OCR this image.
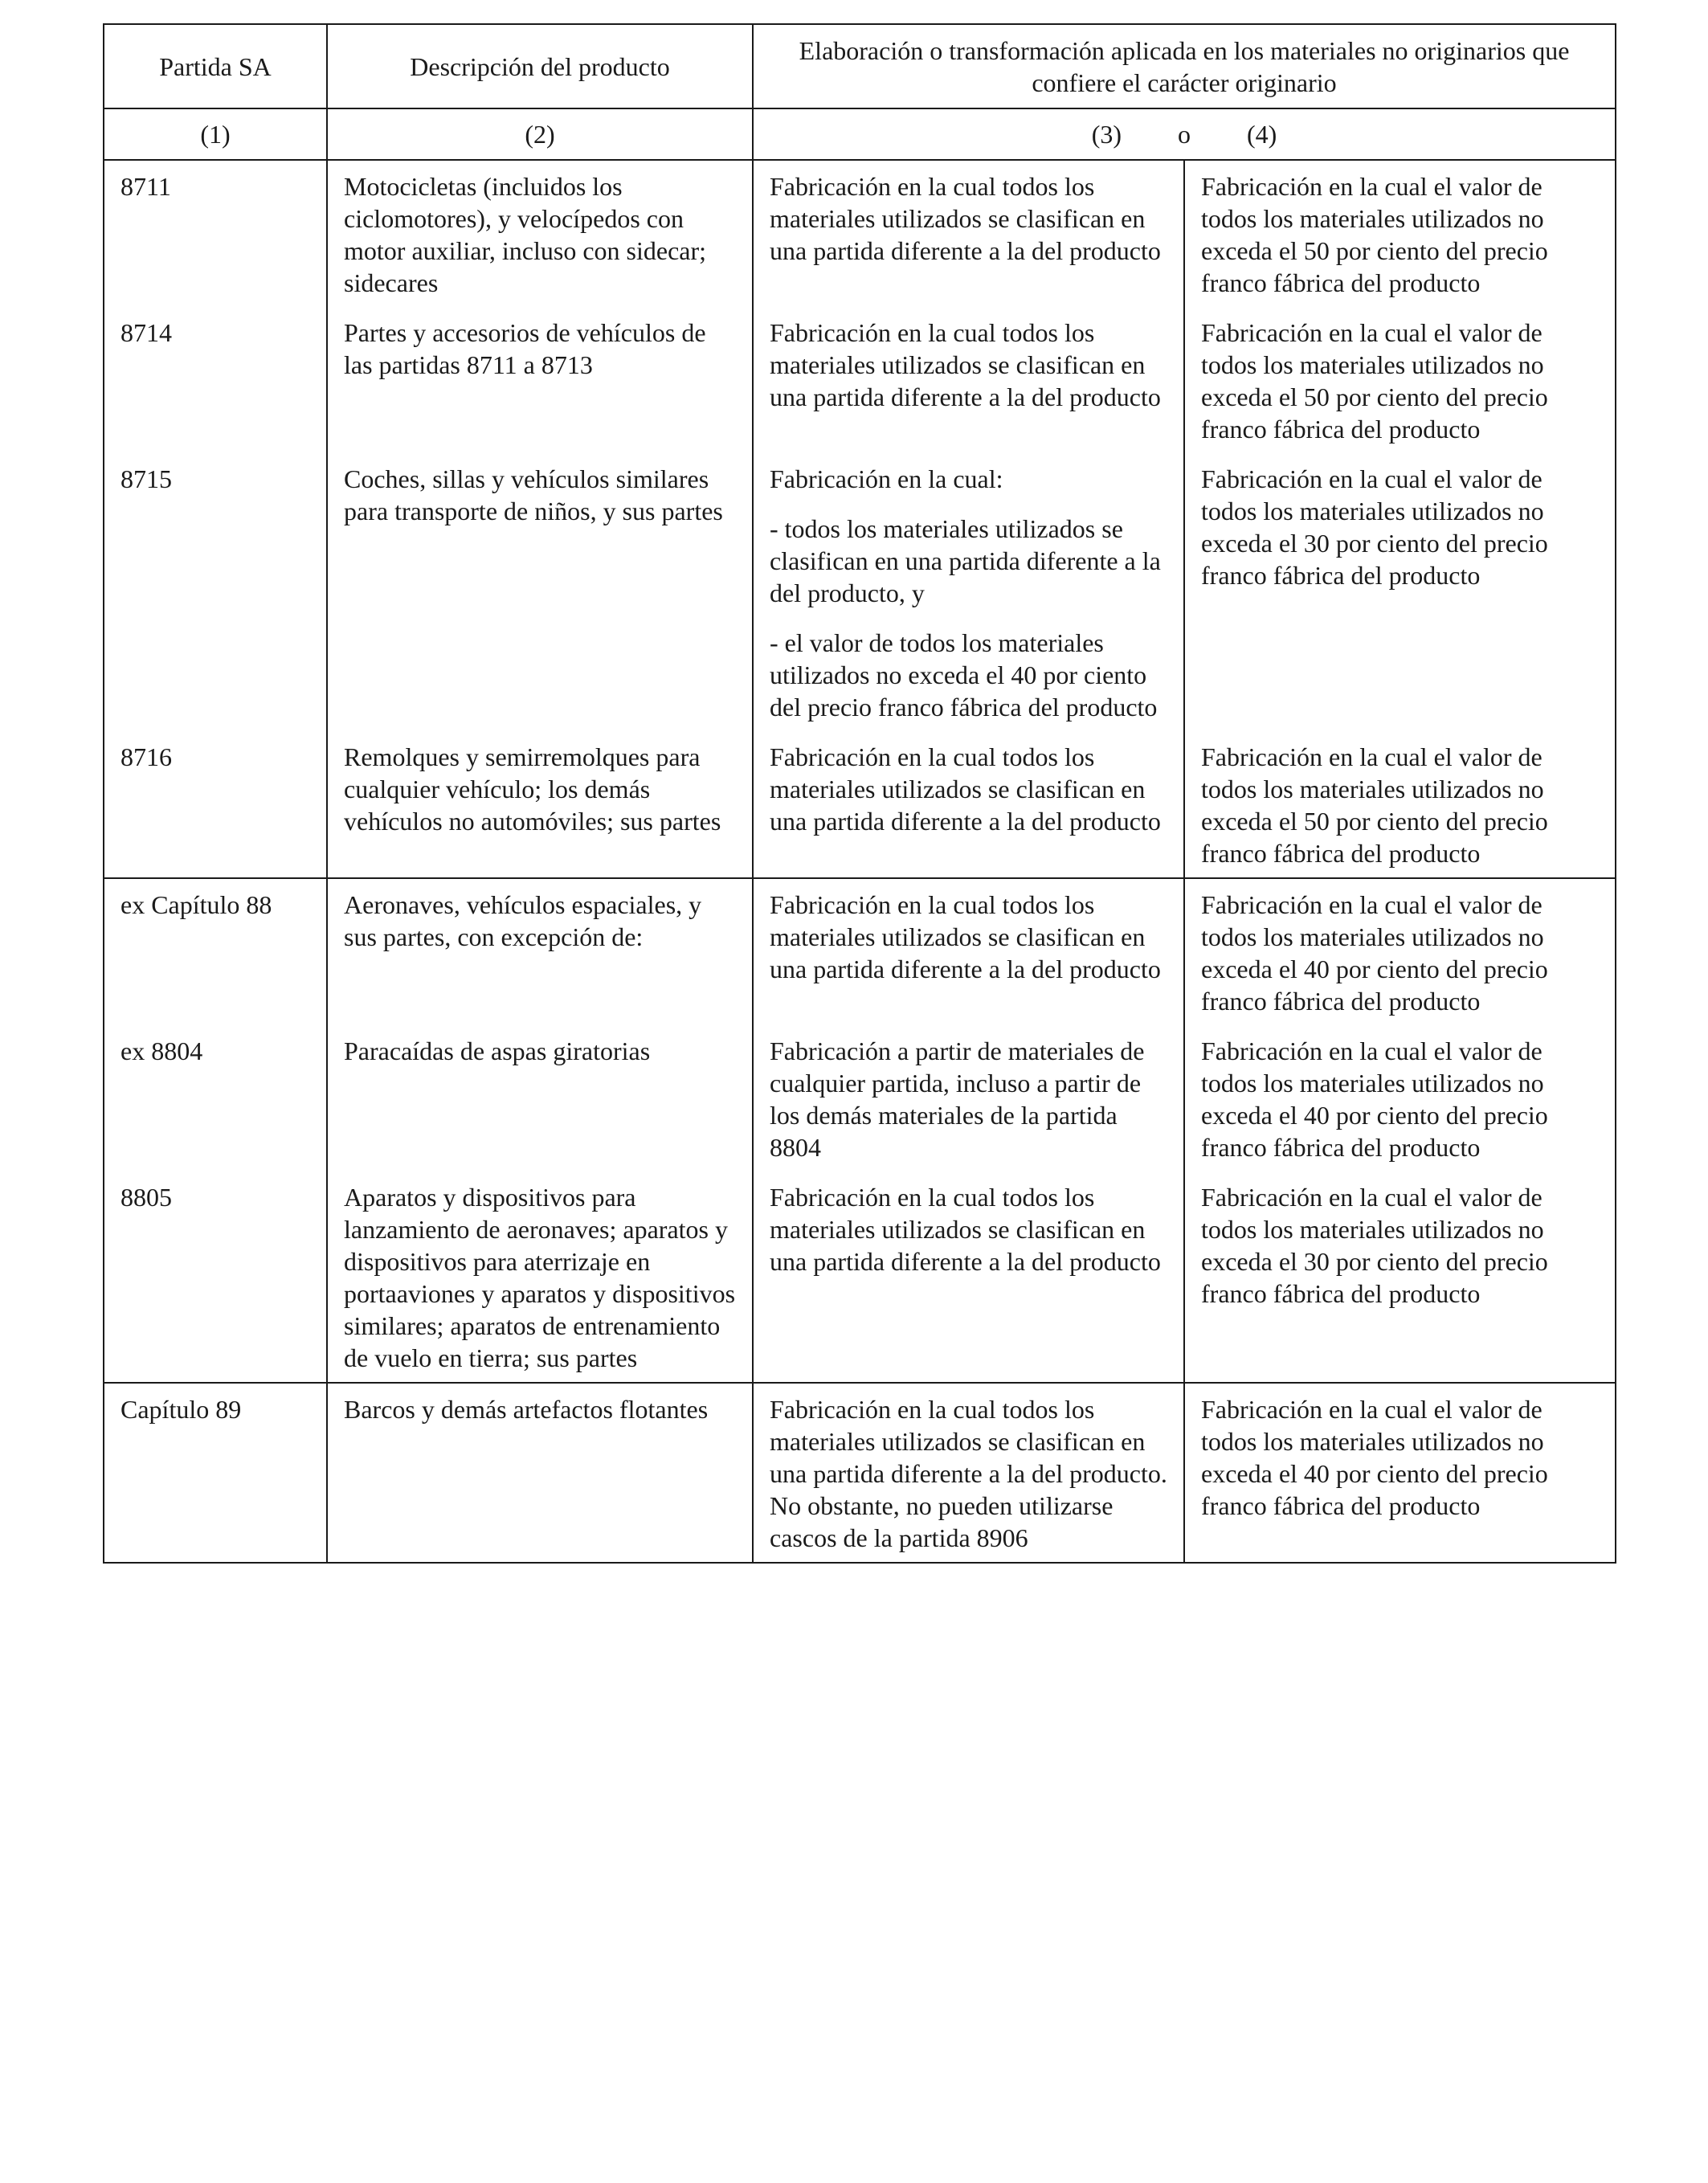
Partida SA	Descripción del producto	Elaboración o transformación aplicada en los materiales no originarios que confiere el carácter originario	
(1)	(2)	(3) o (4)	
8711	Motocicletas (incluidos los ciclomotores), y velocípedos con motor auxiliar, incluso con sidecar; sidecares	Fabricación en la cual todos los materiales utilizados se clasifican en una partida diferente a la del producto	Fabricación en la cual el valor de todos los materiales utilizados no exceda el 50 por ciento del precio franco fábrica del producto
8714	Partes y accesorios de vehículos de las partidas 8711 a 8713	Fabricación en la cual todos los materiales utilizados se clasifican en una partida diferente a la del producto	Fabricación en la cual el valor de todos los materiales utilizados no exceda el 50 por ciento del precio franco fábrica del producto
8715	Coches, sillas y vehículos similares para transporte de niños, y sus partes	Fabricación en la cual:

- todos los materiales utilizados se clasifican en una partida diferente a la del producto, y

- el valor de todos los materiales utilizados no exceda el 40 por ciento del precio franco fábrica del producto	Fabricación en la cual el valor de todos los materiales utilizados no exceda el 30 por ciento del precio franco fábrica del producto
8716	Remolques y semirremolques para cualquier vehículo; los demás vehículos no automóviles; sus partes	Fabricación en la cual todos los materiales utilizados se clasifican en una partida diferente a la del producto	Fabricación en la cual el valor de todos los materiales utilizados no exceda el 50 por ciento del precio franco fábrica del producto
ex Capítulo 88	Aeronaves, vehículos espaciales, y sus partes, con excepción de:	Fabricación en la cual todos los materiales utilizados se clasifican en una partida diferente a la del producto	Fabricación en la cual el valor de todos los materiales utilizados no exceda el 40 por ciento del precio franco fábrica del producto
ex 8804	Paracaídas de aspas giratorias	Fabricación a partir de materiales de cualquier partida, incluso a partir de los demás materiales de la partida 8804	Fabricación en la cual el valor de todos los materiales utilizados no exceda el 40 por ciento del precio franco fábrica del producto
8805	Aparatos y dispositivos para lanzamiento de aeronaves; aparatos y dispositivos para aterrizaje en portaaviones y aparatos y dispositivos similares; aparatos de entrenamiento de vuelo en tierra; sus partes	Fabricación en la cual todos los materiales utilizados se clasifican en una partida diferente a la del producto	Fabricación en la cual el valor de todos los materiales utilizados no exceda el 30 por ciento del precio franco fábrica del producto
Capítulo 89	Barcos y demás artefactos flotantes	Fabricación en la cual todos los materiales utilizados se clasifican en una partida diferente a la del producto. No obstante, no pueden utilizarse cascos de la partida 8906	Fabricación en la cual el valor de todos los materiales utilizados no exceda el 40 por ciento del precio franco fábrica del producto
